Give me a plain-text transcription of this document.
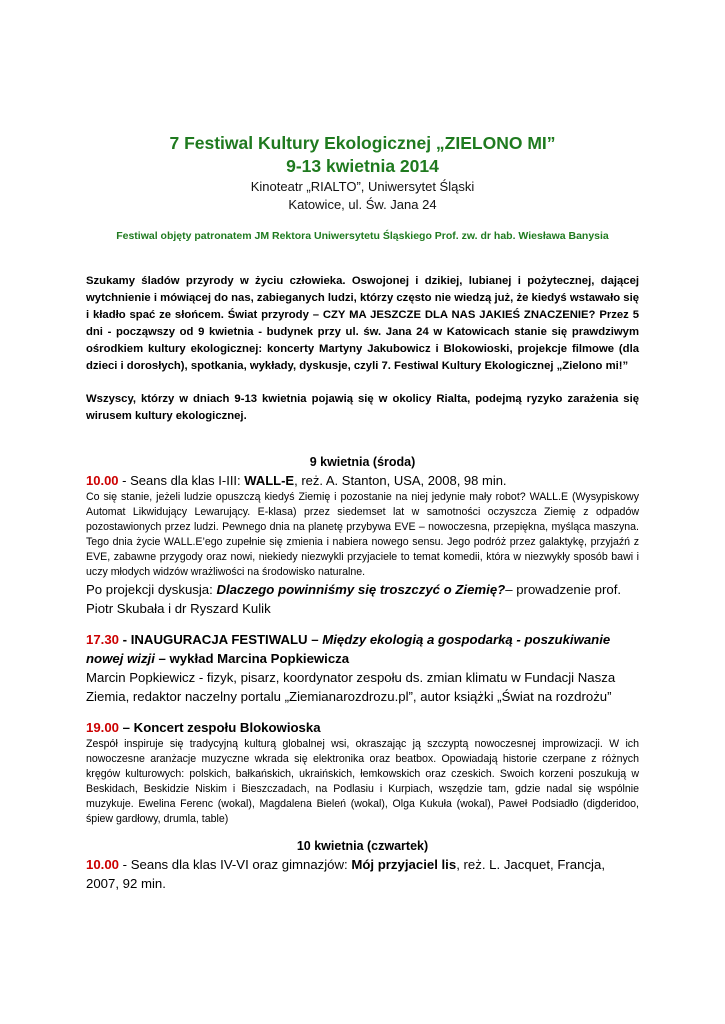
7 Festiwal Kultury Ekologicznej „ZIELONO MI”
9-13 kwietnia 2014
Kinoteatr „RIALTO”, Uniwersytet Śląski
Katowice, ul. Św. Jana 24
Festiwal objęty patronatem JM Rektora Uniwersytetu Śląskiego Prof. zw. dr hab. Wiesława Banysia

Szukamy śladów przyrody w życiu człowieka. Oswojonej i dzikiej, lubianej i pożytecznej, dającej wytchnienie i mówiącej do nas, zabieganych ludzi, którzy często nie wiedzą już, że kiedyś wstawało się i kładło spać ze słońcem. Świat przyrody – CZY MA JESZCZE DLA NAS JAKIEŚ ZNACZENIE? Przez 5 dni - począwszy od 9 kwietnia - budynek przy ul. św. Jana 24 w Katowicach stanie się prawdziwym ośrodkiem kultury ekologicznej: koncerty Martyny Jakubowicz i Blokowioski, projekcje filmowe (dla dzieci i dorosłych), spotkania, wykłady, dyskusje, czyli 7. Festiwal Kultury Ekologicznej „Zielono mi!”

Wszyscy, którzy w dniach 9-13 kwietnia pojawią się w okolicy Rialta, podejmą ryzyko zarażenia się wirusem kultury ekologicznej.

9 kwietnia (środa)
10.00 - Seans dla klas I-III: WALL-E, reż. A. Stanton, USA, 2008, 98 min.
Co się stanie, jeżeli ludzie opuszczą kiedyś Ziemię i pozostanie na niej jedynie mały robot? WALL.E (Wysypiskowy Automat Likwidujący Lewarujący. E-klasa) przez siedemset lat w samotności oczyszcza Ziemię z odpadów pozostawionych przez ludzi. Pewnego dnia na planetę przybywa EVE – nowoczesna, przepiękna, myśląca maszyna. Tego dnia życie WALL.E’ego zupełnie się zmienia i nabiera nowego sensu. Jego podróż przez galaktykę, przyjaźń z EVE, zabawne przygody oraz nowi, niekiedy niezwykli przyjaciele to temat komedii, która w niezwykły sposób bawi i uczy młodych widzów wrażliwości na środowisko naturalne.
Po projekcji dyskusja: Dlaczego powinniśmy się troszczyć o Ziemię?– prowadzenie prof. Piotr Skubała i dr Ryszard Kulik
17.30 - INAUGURACJA FESTIWALU – Między ekologią a gospodarką - poszukiwanie nowej wizji – wykład Marcina Popkiewicza
Marcin Popkiewicz - fizyk, pisarz, koordynator zespołu ds. zmian klimatu w Fundacji Nasza Ziemia, redaktor naczelny portalu „Ziemianarozdrozu.pl”, autor książki „Świat na rozdrożu”
19.00 – Koncert zespołu Blokowioska
Zespół inspiruje się tradycyjną kulturą globalnej wsi, okraszając ją szczyptą nowoczesnej improwizacji. W ich nowoczesne aranżacje muzyczne wkrada się elektronika oraz beatbox. Opowiadają historie czerpane z różnych kręgów kulturowych: polskich, bałkańskich, ukraińskich, łemkowskich oraz czeskich. Swoich korzeni poszukują w Beskidach, Beskidzie Niskim i Bieszczadach, na Podlasiu i Kurpiach, wszędzie tam, gdzie nadal się wspólnie muzykuje. Ewelina Ferenc (wokal), Magdalena Bieleń (wokal), Olga Kukuła (wokal), Paweł Podsiadło (digderidoo, śpiew gardłowy, drumla, table)
10 kwietnia (czwartek)
10.00 - Seans dla klas IV-VI oraz gimnazjów: Mój przyjaciel lis, reż. L. Jacquet, Francja, 2007, 92 min.
